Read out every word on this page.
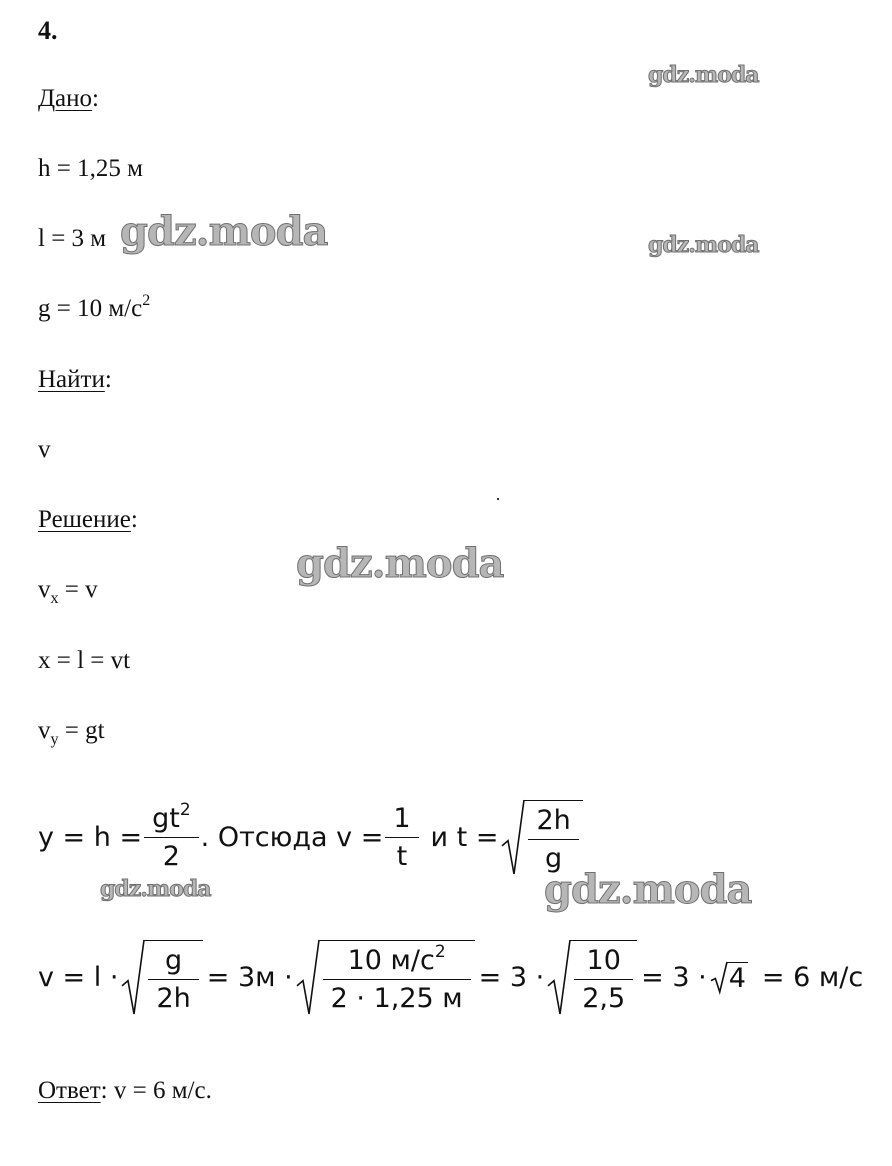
4.
Дано:
h = 1,25 м
l = 3 м
g = 10 $м/с^2$
Найти:
v
Решение:
$v_x = v$
x = l = vt
$v_y$ = gt
$y = h = \frac{gt^2}{2}$ . Отсюда $v = \frac{1}{t}$ и $t = \frac{2h}{g}$
$v = l \cdot \frac{g}{2h} = 3м \cdot \frac{10 м/с^2}{2 \cdot 1,25 м} = 3 \cdot \frac{10}{2,5} = 3 \cdot 4 = 6$ м/с
Ответ: v = 6 м/с.
gdz.moda
gdz.moda	gdz.moda
gdz.moda
gdz.moda	gdz.moda
